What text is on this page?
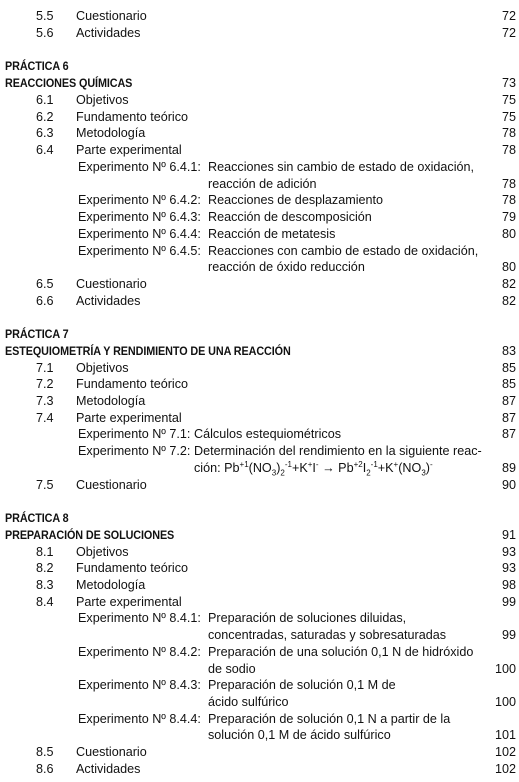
5.5 Cuestionario	72
5.6 Actividades	72
PRÁCTICA 6
REACCIONES QUÍMICAS	73
6.1 Objetivos	75
6.2 Fundamento teórico	75
6.3 Metodología	78
6.4 Parte experimental	78
Experimento Nº 6.4.1: Reacciones sin cambio de estado de oxidación,
reacción de adición	78
Experimento Nº 6.4.2: Reacciones de desplazamiento	78
Experimento Nº 6.4.3: Reacción de descomposición	79
Experimento Nº 6.4.4: Reacción de metatesis	80
Experimento Nº 6.4.5: Reacciones con cambio de estado de oxidación,
reacción de óxido reducción	80
6.5 Cuestionario	82
6.6 Actividades	82
PRÁCTICA 7
ESTEQUIOMETRÍA Y RENDIMIENTO DE UNA REACCIÓN	83
7.1 Objetivos	85
7.2 Fundamento teórico	85
7.3 Metodología	87
7.4 Parte experimental	87
Experimento Nº 7.1: Cálculos estequiométricos	87
Experimento Nº 7.2: Determinación del rendimiento en la siguiente reac-
ción: $Pb^{+1}(NO_3)_2^{-1}+K^+I^- \to Pb^{+2}I_2^{-1}+K^+(NO_3)^-$	89
7.5 Cuestionario	90
PRÁCTICA 8
PREPARACIÓN DE SOLUCIONES	91
8.1 Objetivos	93
8.2 Fundamento teórico	93
8.3 Metodología	98
8.4 Parte experimental	99
Experimento Nº 8.4.1: Preparación de soluciones diluidas,
concentradas, saturadas y sobresaturadas	99
Experimento Nº 8.4.2: Preparación de una solución 0,1 N de hidróxido
de sodio	100
Experimento Nº 8.4.3: Preparación de solución 0,1 M de
ácido sulfúrico	100
Experimento Nº 8.4.4: Preparación de solución 0,1 N a partir de la
solución 0,1 M de ácido sulfúrico	101
8.5 Cuestionario	102
8.6 Actividades	102
